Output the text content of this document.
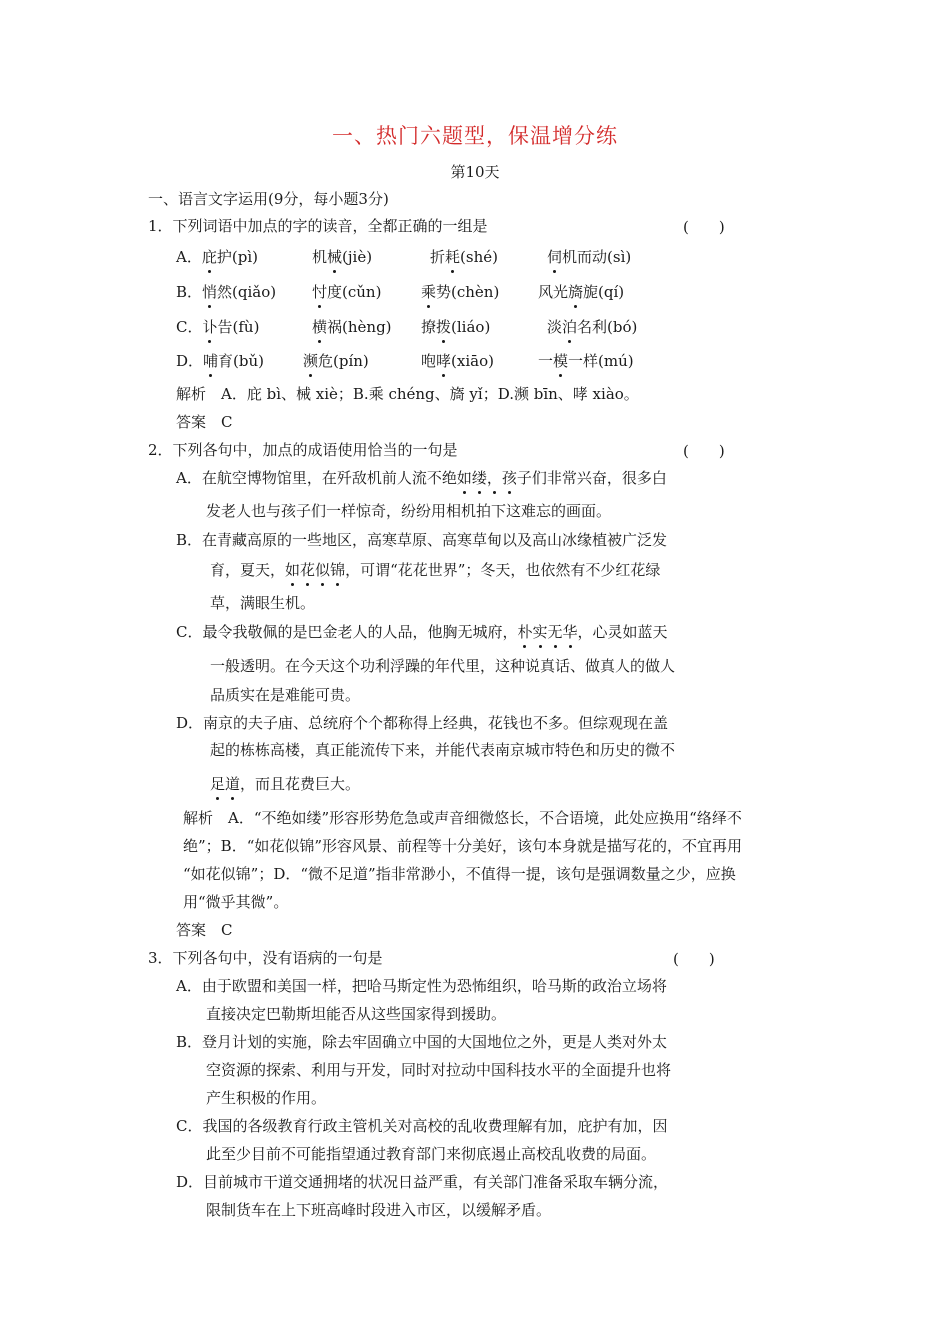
一、热门六题型，保温增分练
第10天
一、语言文字运用(9分，每小题3分)
1．下列词语中加点的字的读音，全都正确的一组是	(　　)
A．庇护(pì)	机械(jiè)	折耗(shé)	伺机而动(sì)
B．悄然(qiǎo) 忖度(cǔn)	乘势(chèn)	风光旖旎(qí)
C．讣告(fù)	横祸(hèng) 撩拨(liáo)	淡泊名利(bó)
D．哺育(bǔ)	濒危(pín)	咆哮(xiāo)	一模一样(mú)
解析　A．庇 bì、械 xiè；B.乘 chéng、旖 yǐ；D.濒 bīn、哮 xiào。
答案　C
2．下列各句中，加点的成语使用恰当的一句是	(　　)
A．在航空博物馆里，在歼敌机前人流不绝如缕，孩子们非常兴奋，很多白
发老人也与孩子们一样惊奇，纷纷用相机拍下这难忘的画面。
B．在青藏高原的一些地区，高寒草原、高寒草甸以及高山冰缘植被广泛发
育，夏天，如花似锦，可谓“花花世界”；冬天，也依然有不少红花绿
草，满眼生机。
C．最令我敬佩的是巴金老人的人品，他胸无城府，朴实无华，心灵如蓝天
一般透明。在今天这个功利浮躁的年代里，这种说真话、做真人的做人
品质实在是难能可贵。
D．南京的夫子庙、总统府个个都称得上经典，花钱也不多。但综观现在盖
起的栋栋高楼，真正能流传下来，并能代表南京城市特色和历史的微不
足道，而且花费巨大。
解析　A．“不绝如缕”形容形势危急或声音细微悠长，不合语境，此处应换用“络绎不
绝”；B．“如花似锦”形容风景、前程等十分美好，该句本身就是描写花的，不宜再用
“如花似锦”；D．“微不足道”指非常渺小，不值得一提，该句是强调数量之少，应换
用“微乎其微”。
答案　C
3．下列各句中，没有语病的一句是	(　　)
A．由于欧盟和美国一样，把哈马斯定性为恐怖组织，哈马斯的政治立场将
直接决定巴勒斯坦能否从这些国家得到援助。
B．登月计划的实施，除去牢固确立中国的大国地位之外，更是人类对外太
空资源的探索、利用与开发，同时对拉动中国科技水平的全面提升也将
产生积极的作用。
C．我国的各级教育行政主管机关对高校的乱收费理解有加，庇护有加，因
此至少目前不可能指望通过教育部门来彻底遏止高校乱收费的局面。
D．目前城市干道交通拥堵的状况日益严重，有关部门准备采取车辆分流，
限制货车在上下班高峰时段进入市区，以缓解矛盾。
